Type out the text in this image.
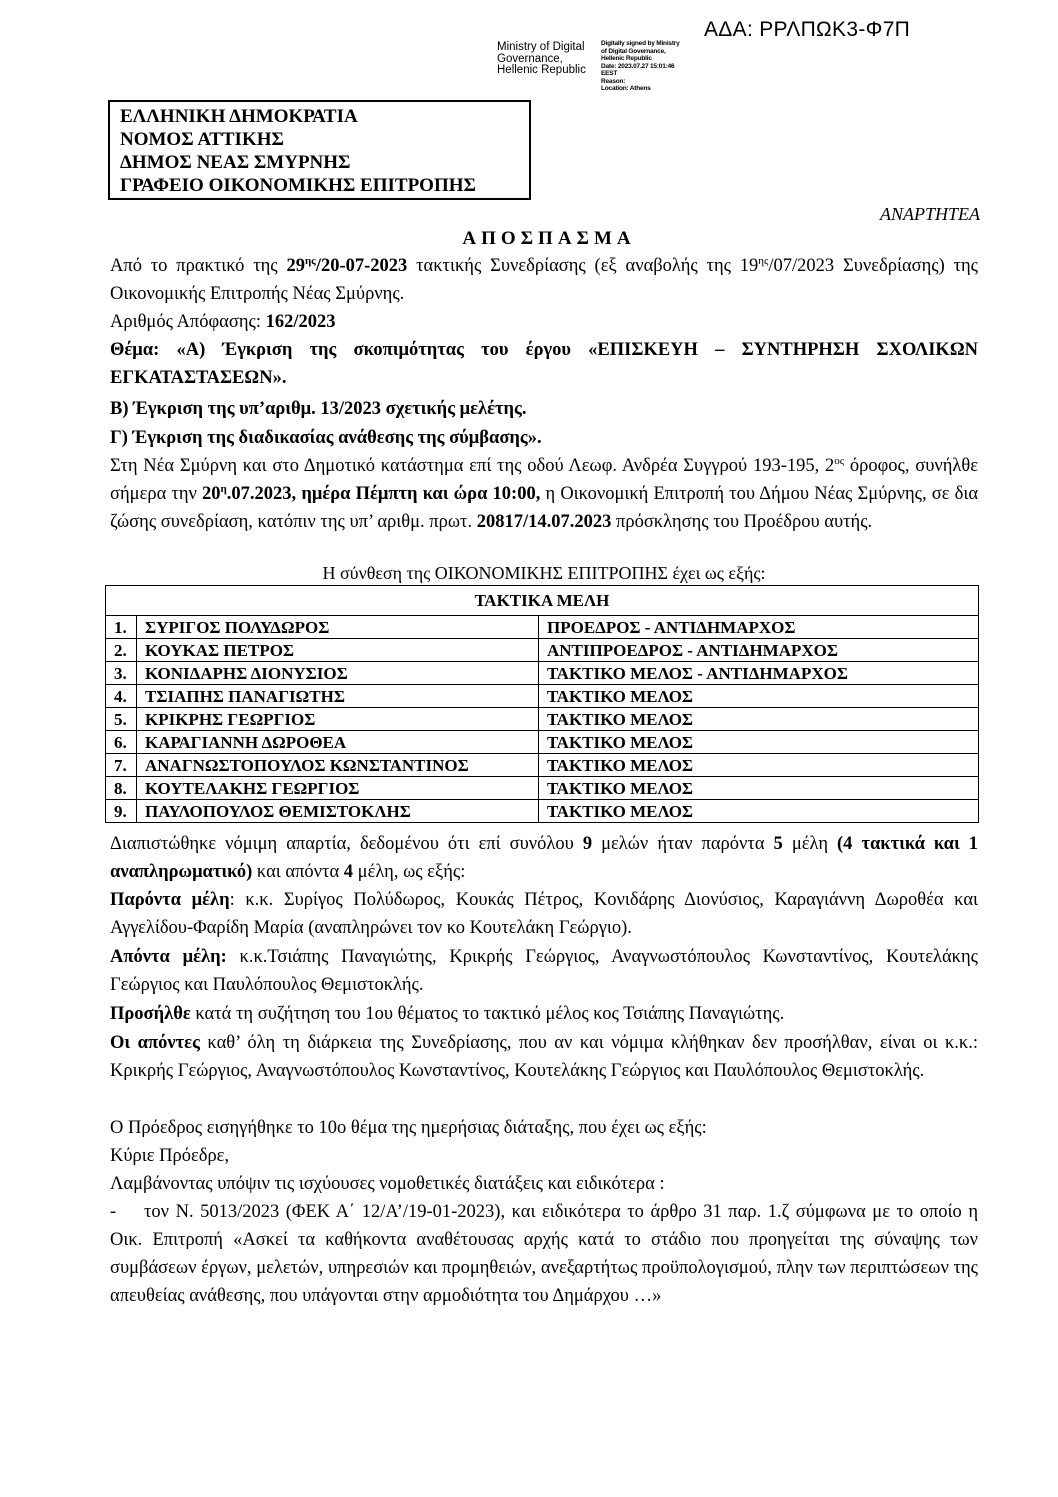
ΑΔΑ: ΡΡΛΠΩΚ3-Φ7Π
Ministry of Digital
Governance,
Hellenic Republic
Digitally signed by Ministry
of Digital Governance,
Hellenic Republic
Date: 2023.07.27 15:01:46
EEST
Reason:
Location: Athens
ΕΛΛΗΝΙΚΗ ΔΗΜΟΚΡΑΤΙΑ
ΝΟΜΟΣ ΑΤΤΙΚΗΣ
ΔΗΜΟΣ ΝΕΑΣ ΣΜΥΡΝΗΣ
ΓΡΑΦΕΙΟ ΟΙΚΟΝΟΜΙΚΗΣ ΕΠΙΤΡΟΠΗΣ
ΑΝΑΡΤΗΤΕΑ
ΑΠΟΣΠΑΣΜΑ
Από το πρακτικό της $29^{\eta\varsigma}/20-07-2023$ τακτικής Συνεδρίασης (εξ αναβολής της $19^{\eta\varsigma}/07/2023$ Συνεδρίασης) της Οικονομικής Επιτροπής Νέας Σμύρνης.
Αριθμός Απόφασης: 162/2023
Θέμα: «Α) Έγκριση της σκοπιμότητας του έργου «ΕΠΙΣΚΕΥΗ – ΣΥΝΤΗΡΗΣΗ ΣΧΟΛΙΚΩΝ ΕΓΚΑΤΑΣΤΑΣΕΩΝ».
Β) Έγκριση της υπ’αριθμ. 13/2023 σχετικής μελέτης.
Γ) Έγκριση της διαδικασίας ανάθεσης της σύμβασης».
Στη Νέα Σμύρνη και στο Δημοτικό κατάστημα επί της οδού Λεωφ. Ανδρέα Συγγρού 193-195, $2^{o\varsigma}$ όροφος, συνήλθε σήμερα την $20^\eta.07.2023$, ημέρα Πέμπτη και ώρα 10:00, η Οικονομική Επιτροπή του Δήμου Νέας Σμύρνης, σε δια ζώσης συνεδρίαση, κατόπιν της υπ’ αριθμ. πρωτ. 20817/14.07.2023 πρόσκλησης του Προέδρου αυτής.
Η σύνθεση της ΟΙΚΟΝΟΜΙΚΗΣ ΕΠΙΤΡΟΠΗΣ έχει ως εξής:
ΤΑΚΤΙΚΑ ΜΕΛΗ		
1.	ΣΥΡΙΓΟΣ ΠΟΛΥΔΩΡΟΣ	ΠΡΟΕΔΡΟΣ - ΑΝΤΙΔΗΜΑΡΧΟΣ
2.	ΚΟΥΚΑΣ ΠΕΤΡΟΣ	ΑΝΤΙΠΡΟΕΔΡΟΣ - ΑΝΤΙΔΗΜΑΡΧΟΣ
3.	ΚΟΝΙΔΑΡΗΣ ΔΙΟΝΥΣΙΟΣ	ΤΑΚΤΙΚΟ ΜΕΛΟΣ - ΑΝΤΙΔΗΜΑΡΧΟΣ
4.	ΤΣΙΑΠΗΣ ΠΑΝΑΓΙΩΤΗΣ	ΤΑΚΤΙΚΟ ΜΕΛΟΣ
5.	ΚΡΙΚΡΗΣ ΓΕΩΡΓΙΟΣ	ΤΑΚΤΙΚΟ ΜΕΛΟΣ
6.	ΚΑΡΑΓΙΑΝΝΗ ΔΩΡΟΘΕΑ	ΤΑΚΤΙΚΟ ΜΕΛΟΣ
7.	ΑΝΑΓΝΩΣΤΟΠΟΥΛΟΣ ΚΩΝΣΤΑΝΤΙΝΟΣ	ΤΑΚΤΙΚΟ ΜΕΛΟΣ
8.	ΚΟΥΤΕΛΑΚΗΣ ΓΕΩΡΓΙΟΣ	ΤΑΚΤΙΚΟ ΜΕΛΟΣ
9.	ΠΑΥΛΟΠΟΥΛΟΣ ΘΕΜΙΣΤΟΚΛΗΣ	ΤΑΚΤΙΚΟ ΜΕΛΟΣ
Διαπιστώθηκε νόμιμη απαρτία, δεδομένου ότι επί συνόλου 9 μελών ήταν παρόντα 5 μέλη (4 τακτικά και 1 αναπληρωματικό) και απόντα 4 μέλη, ως εξής:
Παρόντα μέλη: κ.κ. Συρίγος Πολύδωρος, Κουκάς Πέτρος, Κονιδάρης Διονύσιος, Καραγιάννη Δωροθέα και Αγγελίδου-Φαρίδη Μαρία (αναπληρώνει τον κο Κουτελάκη Γεώργιο).
Απόντα μέλη: κ.κ.Τσιάπης Παναγιώτης, Κρικρής Γεώργιος, Αναγνωστόπουλος Κωνσταντίνος, Κουτελάκης Γεώργιος και Παυλόπουλος Θεμιστοκλής.
Προσήλθε κατά τη συζήτηση του 1ου θέματος το τακτικό μέλος κος Τσιάπης Παναγιώτης.
Οι απόντες καθ’ όλη τη διάρκεια της Συνεδρίασης, που αν και νόμιμα κλήθηκαν δεν προσήλθαν, είναι οι κ.κ.: Κρικρής Γεώργιος, Αναγνωστόπουλος Κωνσταντίνος, Κουτελάκης Γεώργιος και Παυλόπουλος Θεμιστοκλής.
Ο Πρόεδρος εισηγήθηκε το 10ο θέμα της ημερήσιας διάταξης, που έχει ως εξής:
Κύριε Πρόεδρε,
Λαμβάνοντας υπόψιν τις ισχύουσες νομοθετικές διατάξεις και ειδικότερα :
- τον Ν. 5013/2023 (ΦΕΚ Α΄ 12/Α’/19-01-2023), και ειδικότερα το άρθρο 31 παρ. 1.ζ σύμφωνα με το οποίο η Οικ. Επιτροπή «Ασκεί τα καθήκοντα αναθέτουσας αρχής κατά το στάδιο που προηγείται της σύναψης των συμβάσεων έργων, μελετών, υπηρεσιών και προμηθειών, ανεξαρτήτως προϋπολογισμού, πλην των περιπτώσεων της απευθείας ανάθεσης, που υπάγονται στην αρμοδιότητα του Δημάρχου …»
